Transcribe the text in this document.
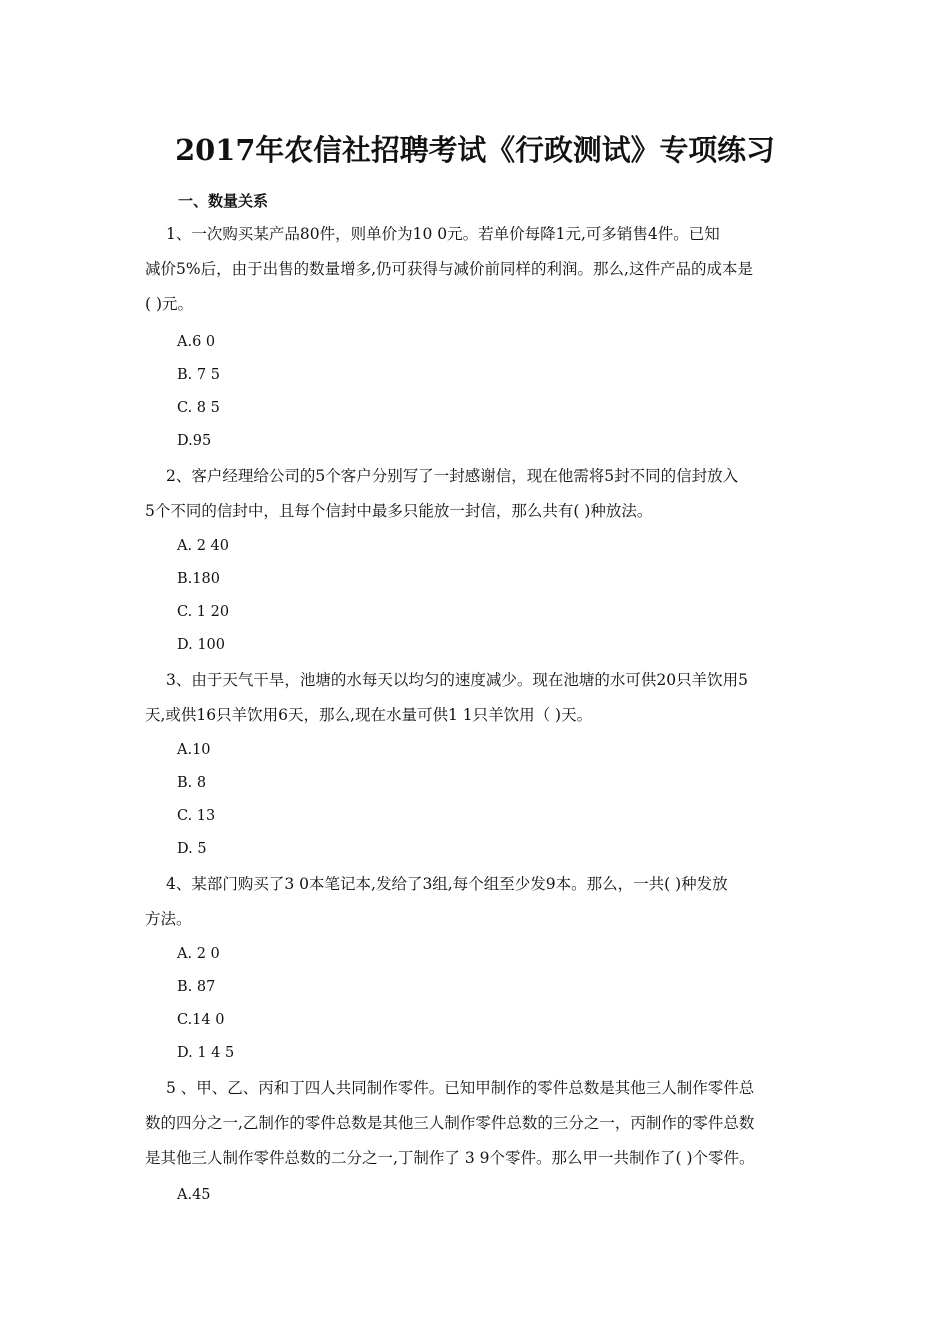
2017年农信社招聘考试《行政测试》专项练习
一、数量关系
1、一次购买某产品80件，则单价为10 0元。若单价每降1元,可多销售4件。已知
减价5%后，由于出售的数量增多,仍可获得与减价前同样的利润。那么,这件产品的成本是
( )元。
A.6 0
B. 7 5
C. 8 5
D.95
2、客户经理给公司的5个客户分别写了一封感谢信，现在他需将5封不同的信封放入
5个不同的信封中，且每个信封中最多只能放一封信，那么共有( )种放法。
A. 2 40
B.180
C. 1 20
D. 100
3、由于天气干旱，池塘的水每天以均匀的速度减少。现在池塘的水可供20只羊饮用5
天,或供16只羊饮用6天，那么,现在水量可供1 1只羊饮用（ )天。
A.10
B. 8
C. 13
D. 5
4、某部门购买了3 0本笔记本,发给了3组,每个组至少发9本。那么，一共( )种发放
方法。
A. 2 0
B. 87
C.14 0
D. 1 4 5
5 、甲、乙、丙和丁四人共同制作零件。已知甲制作的零件总数是其他三人制作零件总
数的四分之一,乙制作的零件总数是其他三人制作零件总数的三分之一，丙制作的零件总数
是其他三人制作零件总数的二分之一,丁制作了 3 9个零件。那么甲一共制作了( )个零件。
A.45
